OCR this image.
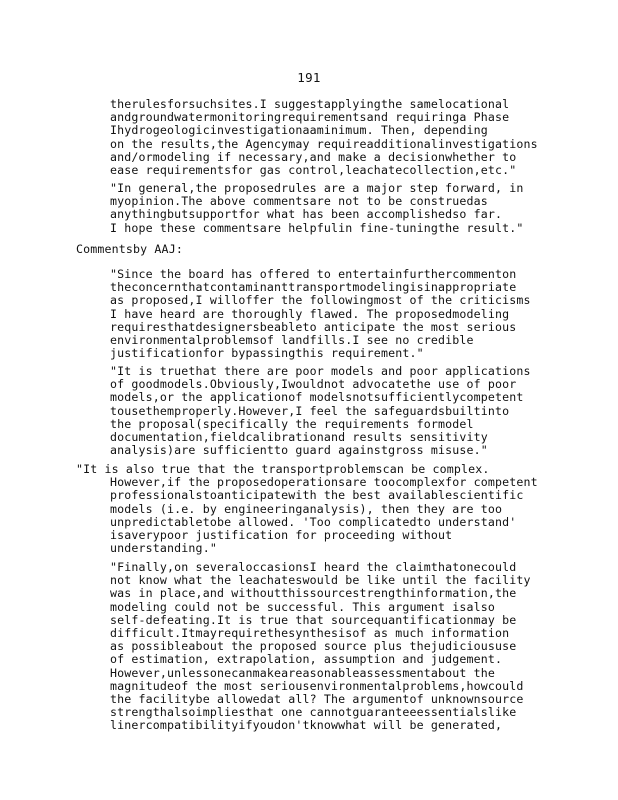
191
therulesforsuchsites.I suggestapplyingthe samelocational
andgroundwatermonitoringrequirementsand requiringa Phase
Ihydrogeologicinvestigationaaminimum. Then, depending
on the results,the Agencymay requireadditionalinvestigations
and/ormodeling if necessary,and make a decisionwhether to
ease requirementsfor gas control,leachatecollection,etc."
"In general,the proposedrules are a major step forward, in
myopinion.The above commentsare not to be construedas
anythingbutsupportfor what has been accomplishedso far.
I hope these commentsare helpfulin fine-tuningthe result."
Commentsby AAJ:
"Since the board has offered to entertainfurthercommenton
theconcernthatcontaminanttransportmodelingisinappropriate
as proposed,I willoffer the followingmost of the criticisms
I have heard are thoroughly flawed. The proposedmodeling
requiresthatdesignersbeableto anticipate the most serious
environmentalproblemsof landfills.I see no credible
justificationfor bypassingthis requirement."
"It is truethat there are poor models and poor applications
of goodmodels.Obviously,Iwouldnot advocatethe use of poor
models,or the applicationof modelsnotsufficientlycompetent
tousethemproperly.However,I feel the safeguardsbuiltinto
the proposal(specifically the requirements formodel
documentation,fieldcalibrationand results sensitivity
analysis)are sufficientto guard againstgross misuse."
"It is also true that the transportproblemscan be complex.
However,if the proposedoperationsare toocomplexfor competent
professionalstoanticipatewith the best availablescientific
models (i.e. by engineeringanalysis), then they are too
unpredictabletobe allowed. 'Too complicatedto understand'
isaverypoor justification for proceeding without
understanding."
"Finally,on severaloccasionsI heard the claimthatonecould
not know what the leachateswould be like until the facility
was in place,and withoutthissourcestrengthinformation,the
modeling could not be successful. This argument isalso
self-defeating.It is true that sourcequantificationmay be
difficult.Itmayrequirethesynthesisof as much information
as possibleabout the proposed source plus thejudicioususe
of estimation, extrapolation, assumption and judgement.
However,unlessonecanmakeareasonableassessmentabout the
magnitudeof the most seriousenvironmentalproblems,howcould
the facilitybe allowedat all? The argumentof unknownsource
strengthalsoimpliesthat one cannotguaranteeessentialslike
linercompatibilityifyoudon'tknowwhat will be generated,
